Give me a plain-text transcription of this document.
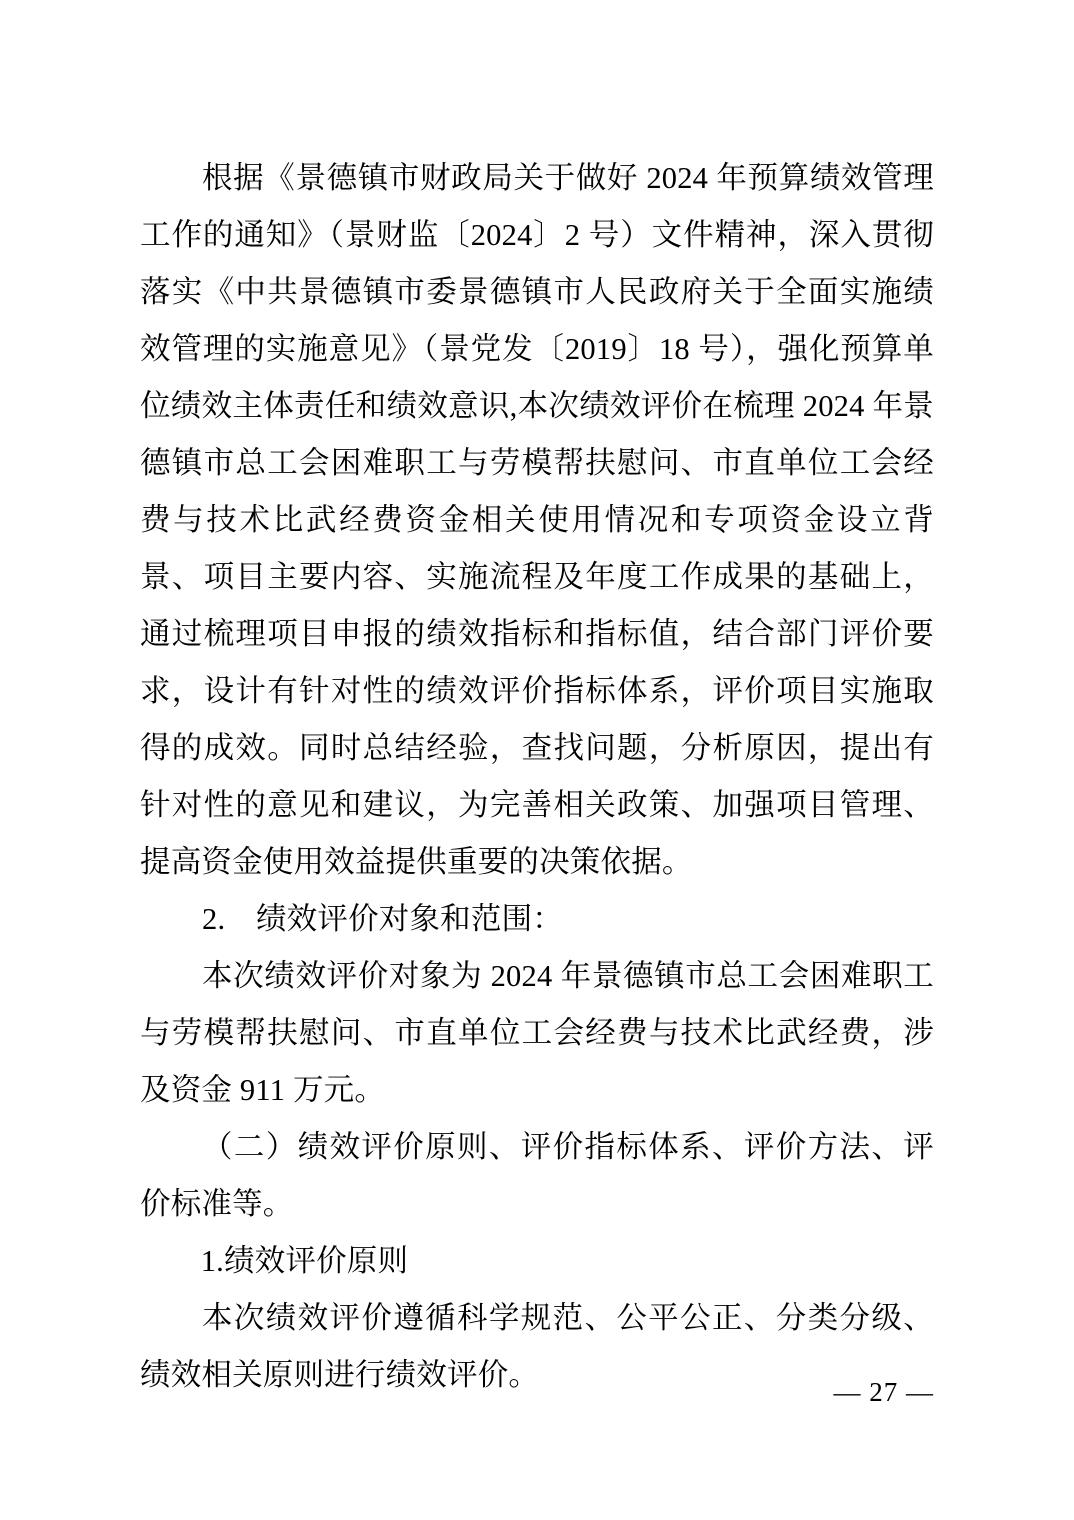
根据《景德镇市财政局关于做好 2024 年预算绩效管理工作的通知》（景财监〔2024〕2 号）文件精神，深入贯彻落实《中共景德镇市委景德镇市人民政府关于全面实施绩效管理的实施意见》（景党发〔2019〕18 号），强化预算单位绩效主体责任和绩效意识,本次绩效评价在梳理 2024 年景德镇市总工会困难职工与劳模帮扶慰问、市直单位工会经费与技术比武经费资金相关使用情况和专项资金设立背景、项目主要内容、实施流程及年度工作成果的基础上，通过梳理项目申报的绩效指标和指标值，结合部门评价要求，设计有针对性的绩效评价指标体系，评价项目实施取得的成效。同时总结经验，查找问题，分析原因，提出有针对性的意见和建议，为完善相关政策、加强项目管理、提高资金使用效益提供重要的决策依据。

2.　绩效评价对象和范围：

本次绩效评价对象为 2024 年景德镇市总工会困难职工与劳模帮扶慰问、市直单位工会经费与技术比武经费，涉及资金 911 万元。

（二）绩效评价原则、评价指标体系、评价方法、评价标准等。

　1.绩效评价原则

本次绩效评价遵循科学规范、公平公正、分类分级、绩效相关原则进行绩效评价。	— 27 —
